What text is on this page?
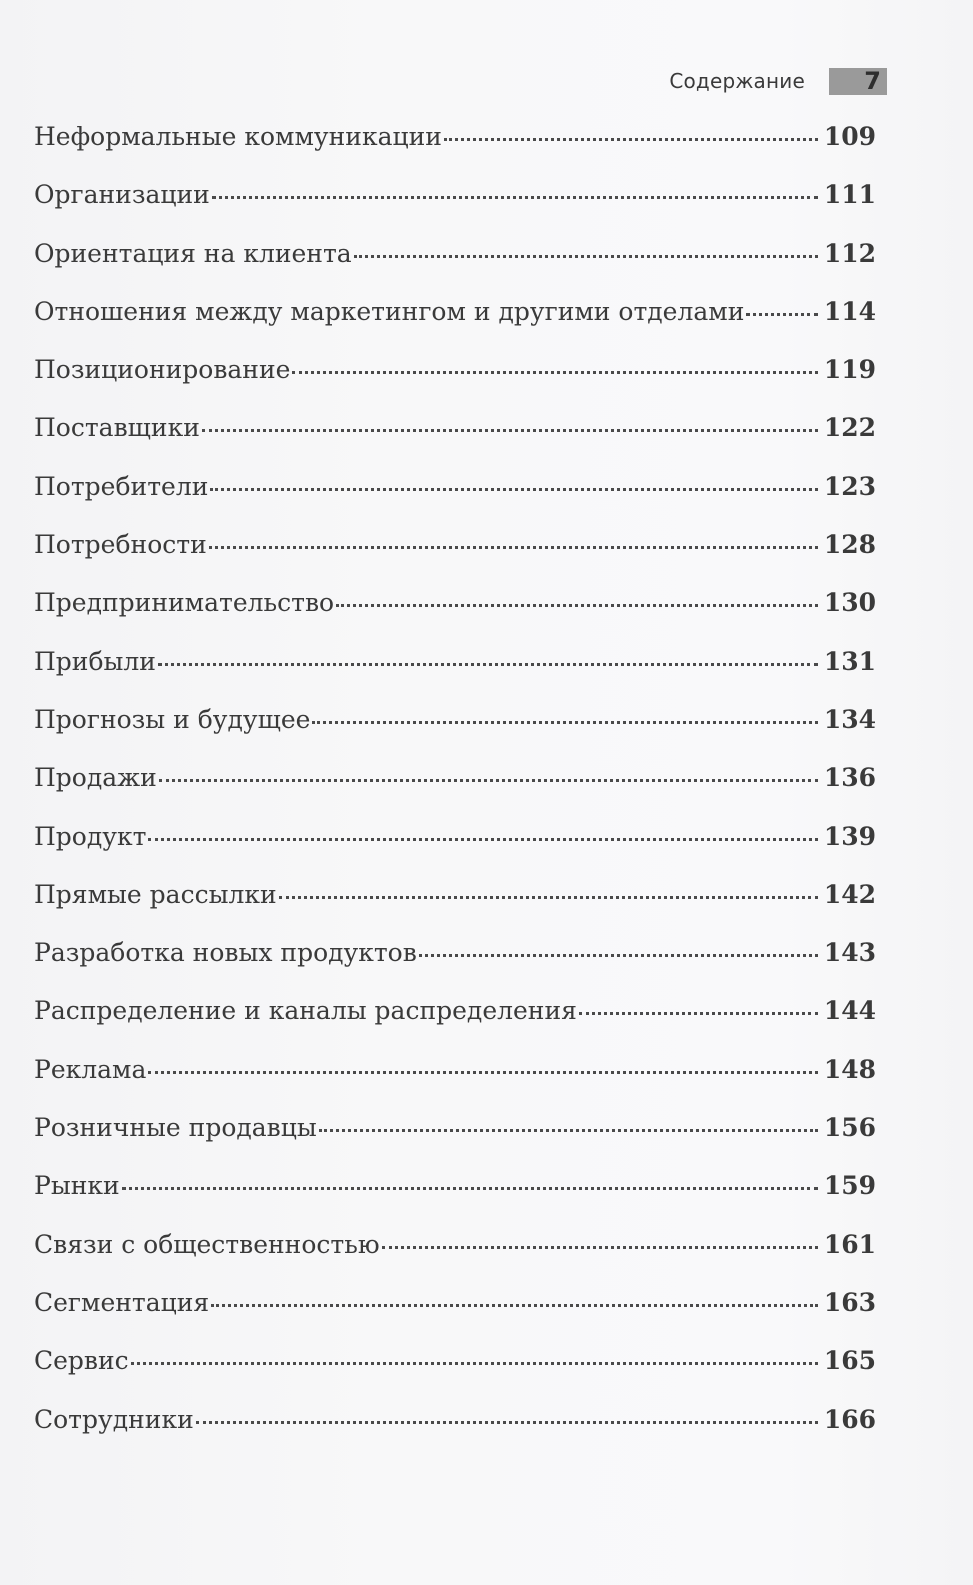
Содержание 7
Неформальные коммуникации	109
Организации	111
Ориентация на клиента	112
Отношения между маркетингом и другими отделами	114
Позиционирование	119
Поставщики	122
Потребители	123
Потребности	128
Предпринимательство	130
Прибыли	131
Прогнозы и будущее	134
Продажи	136
Продукт	139
Прямые рассылки	142
Разработка новых продуктов	143
Распределение и каналы распределения	144
Реклама	148
Розничные продавцы	156
Рынки	159
Связи с общественностью	161
Сегментация	163
Сервис	165
Сотрудники	166
